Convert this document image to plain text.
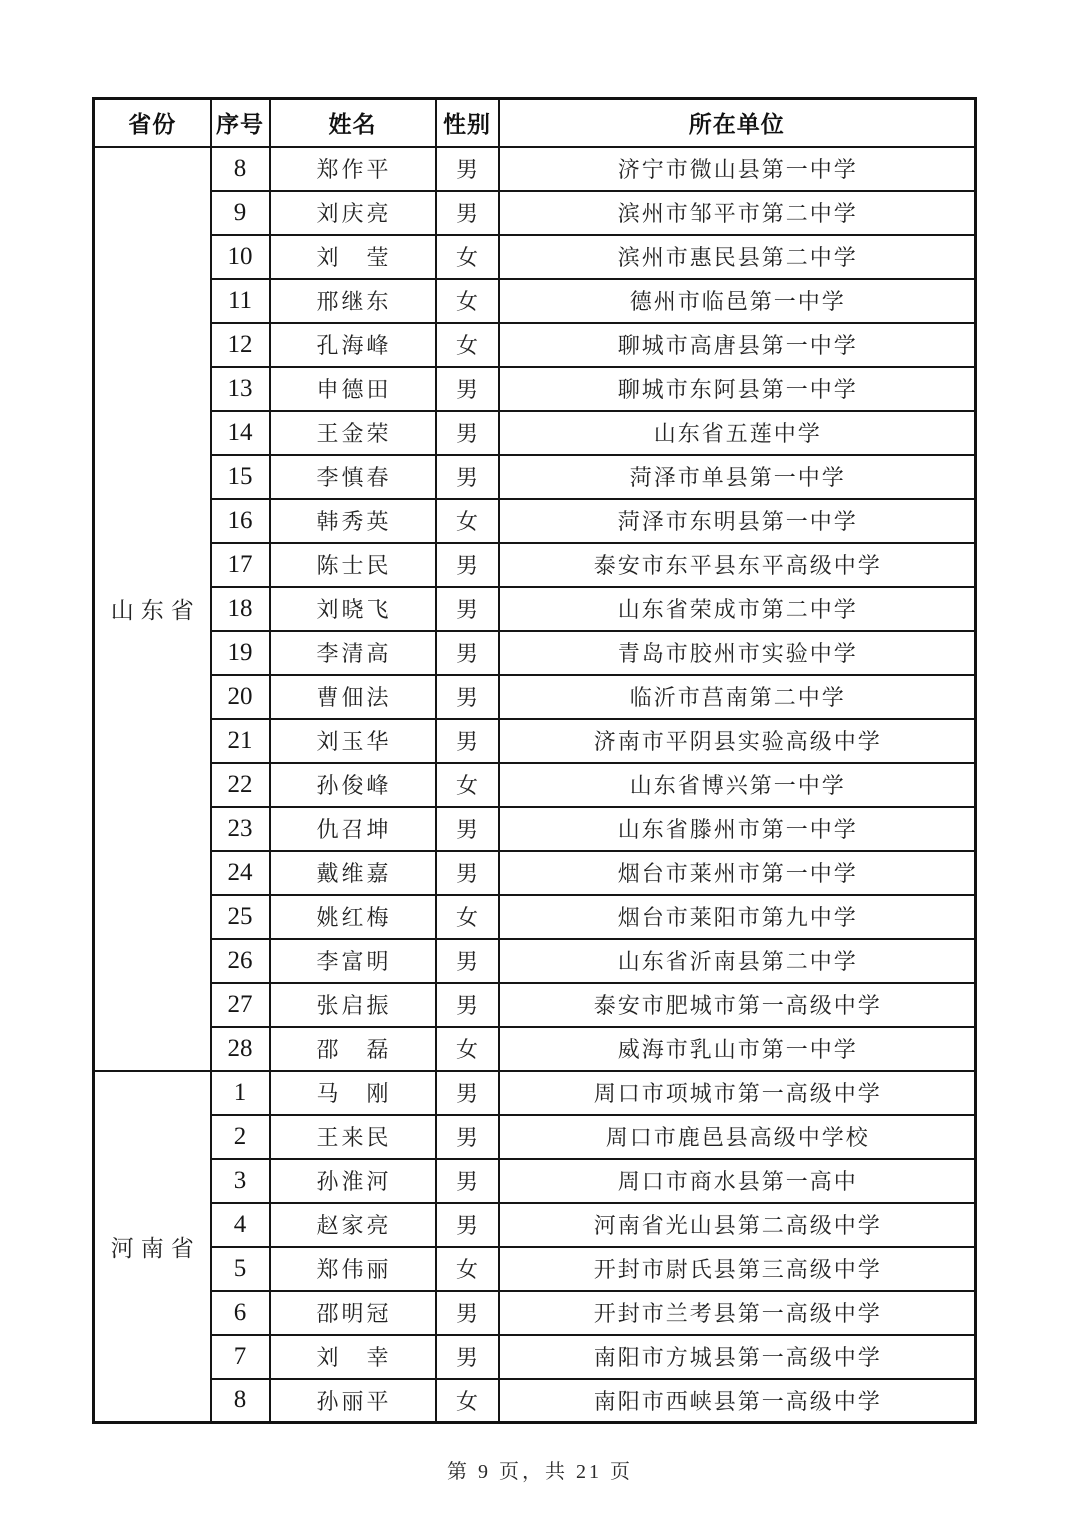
省份	序号	姓名	性别	所在单位
山东省	8	郑作平	男	济宁市微山县第一中学
	9	刘庆亮	男	滨州市邹平市第二中学
	10	刘　莹	女	滨州市惠民县第二中学
	11	邢继东	女	德州市临邑第一中学
	12	孔海峰	女	聊城市高唐县第一中学
	13	申德田	男	聊城市东阿县第一中学
	14	王金荣	男	山东省五莲中学
	15	李慎春	男	菏泽市单县第一中学
	16	韩秀英	女	菏泽市东明县第一中学
	17	陈士民	男	泰安市东平县东平高级中学
	18	刘晓飞	男	山东省荣成市第二中学
	19	李清高	男	青岛市胶州市实验中学
	20	曹佃法	男	临沂市莒南第二中学
	21	刘玉华	男	济南市平阴县实验高级中学
	22	孙俊峰	女	山东省博兴第一中学
	23	仇召坤	男	山东省滕州市第一中学
	24	戴维嘉	男	烟台市莱州市第一中学
	25	姚红梅	女	烟台市莱阳市第九中学
	26	李富明	男	山东省沂南县第二中学
	27	张启振	男	泰安市肥城市第一高级中学
	28	邵　磊	女	威海市乳山市第一中学
河南省	1	马　刚	男	周口市项城市第一高级中学
	2	王来民	男	周口市鹿邑县高级中学校
	3	孙淮河	男	周口市商水县第一高中
	4	赵家亮	男	河南省光山县第二高级中学
	5	郑伟丽	女	开封市尉氏县第三高级中学
	6	邵明冠	男	开封市兰考县第一高级中学
	7	刘　幸	男	南阳市方城县第一高级中学
	8	孙丽平	女	南阳市西峡县第一高级中学
第 9 页，共 21 页
